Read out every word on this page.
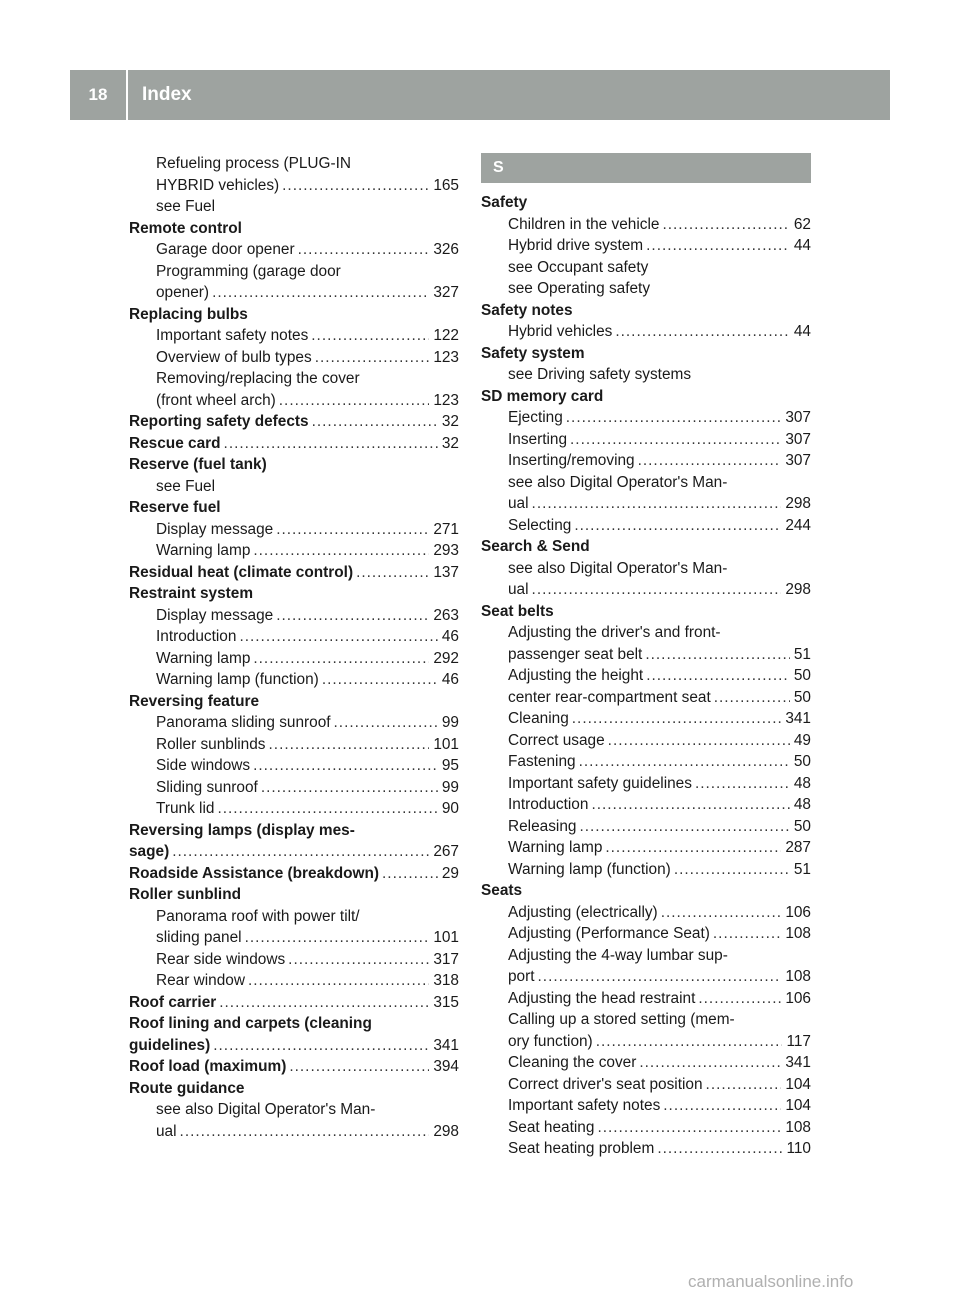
18	Index
Refueling process (PLUG-IN
HYBRID vehicles) .....	165
see Fuel
Remote control
Garage door opener .....	326
Programming (garage door
opener) .....	327
Replacing bulbs
Important safety notes .....	122
Overview of bulb types .....	123
Removing/replacing the cover
(front wheel arch) .....	123
Reporting safety defects .....	32
Rescue card .....	32
Reserve (fuel tank)
see Fuel
Reserve fuel
Display message .....	271
Warning lamp .....	293
Residual heat (climate control) .....	137
Restraint system
Display message .....	263
Introduction .....	46
Warning lamp .....	292
Warning lamp (function) .....	46
Reversing feature
Panorama sliding sunroof .....	99
Roller sunblinds .....	101
Side windows .....	95
Sliding sunroof .....	99
Trunk lid .....	90
Reversing lamps (display mes-
sage) .....	267
Roadside Assistance (breakdown) .....	29
Roller sunblind
Panorama roof with power tilt/
sliding panel .....	101
Rear side windows .....	317
Rear window .....	318
Roof carrier .....	315
Roof lining and carpets (cleaning
guidelines) .....	341
Roof load (maximum) .....	394
Route guidance
see also Digital Operator's Man-
ual .....	298
S
Safety
Children in the vehicle .....	62
Hybrid drive system .....	44
see Occupant safety
see Operating safety
Safety notes
Hybrid vehicles .....	44
Safety system
see Driving safety systems
SD memory card
Ejecting .....	307
Inserting .....	307
Inserting/removing .....	307
see also Digital Operator's Man-
ual .....	298
Selecting .....	244
Search & Send
see also Digital Operator's Man-
ual .....	298
Seat belts
Adjusting the driver's and front-
passenger seat belt .....	51
Adjusting the height .....	50
center rear-compartment seat .....	50
Cleaning .....	341
Correct usage .....	49
Fastening .....	50
Important safety guidelines .....	48
Introduction .....	48
Releasing .....	50
Warning lamp .....	287
Warning lamp (function) .....	51
Seats
Adjusting (electrically) .....	106
Adjusting (Performance Seat) .....	108
Adjusting the 4-way lumbar sup-
port .....	108
Adjusting the head restraint .....	106
Calling up a stored setting (mem-
ory function) .....	117
Cleaning the cover .....	341
Correct driver's seat position .....	104
Important safety notes .....	104
Seat heating .....	108
Seat heating problem .....	110
carmanualsonline.info
